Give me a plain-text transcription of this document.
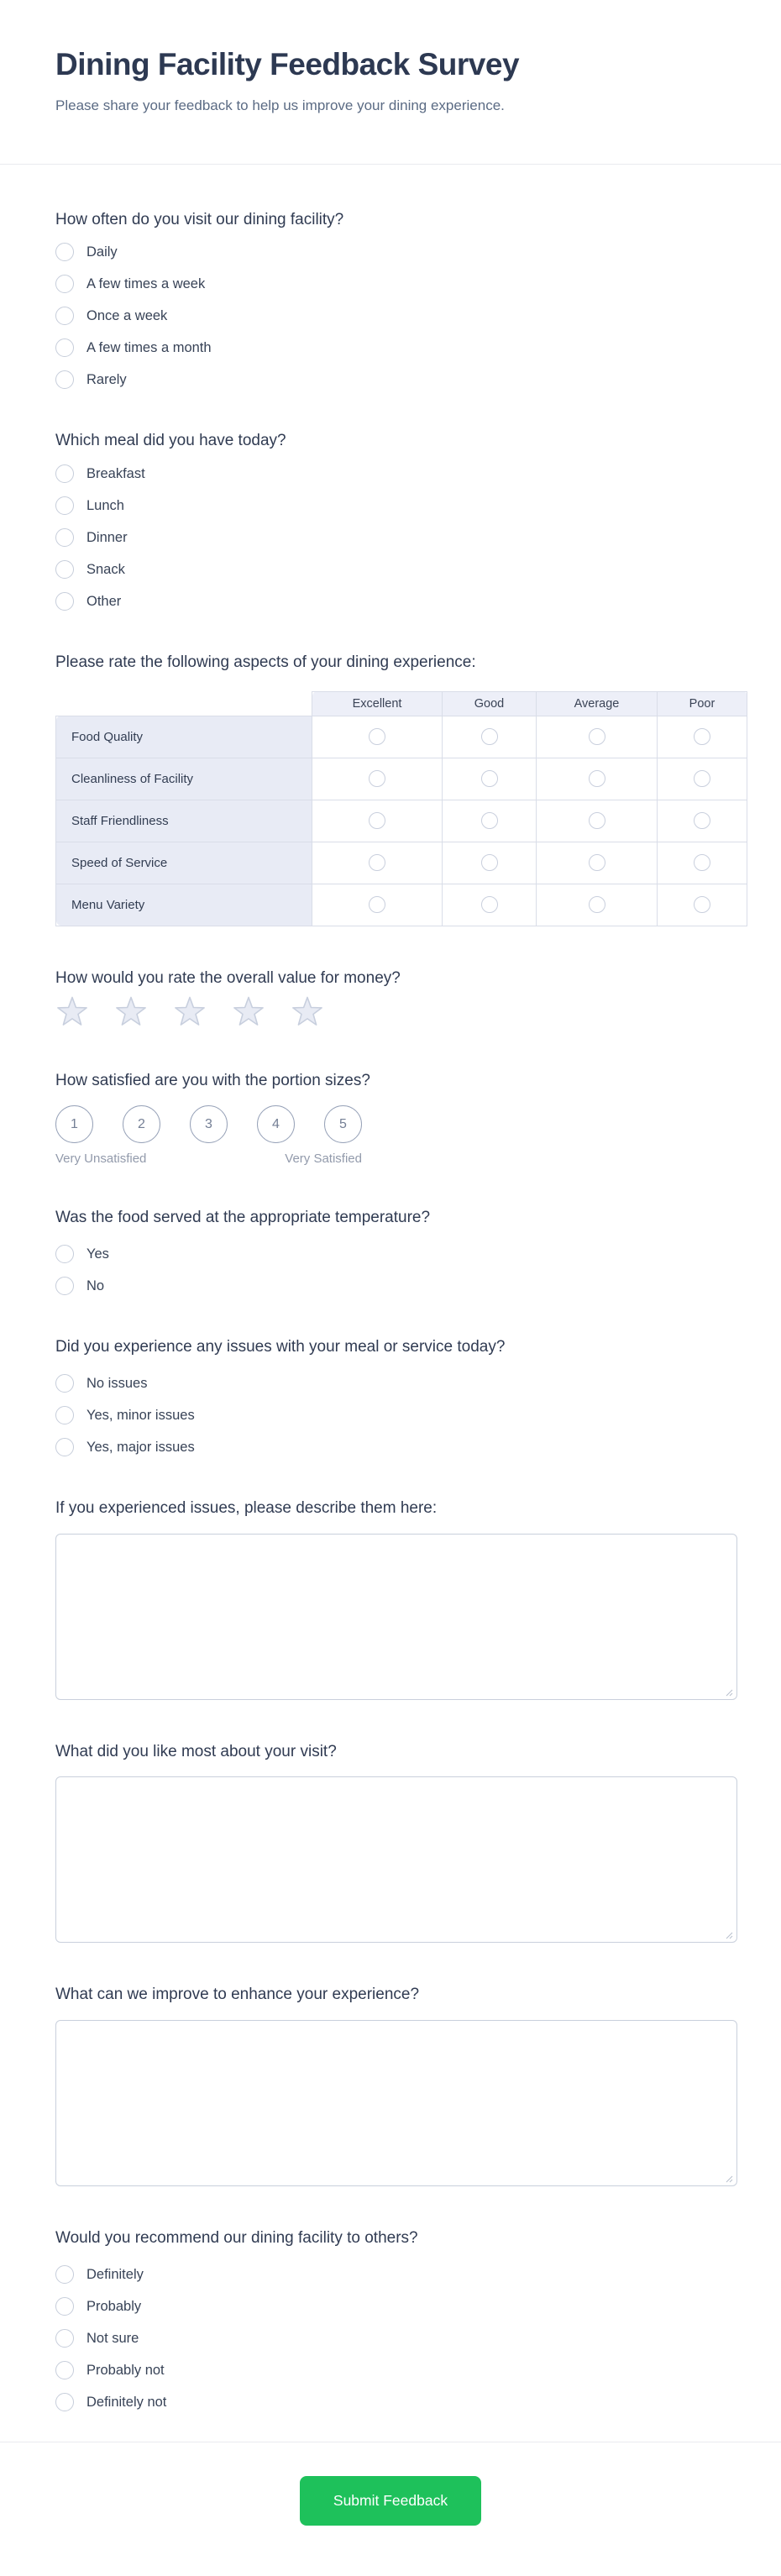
Dining Facility Feedback Survey
Please share your feedback to help us improve your dining experience.
How often do you visit our dining facility?
Daily
A few times a week
Once a week
A few times a month
Rarely
Which meal did you have today?
Breakfast
Lunch
Dinner
Snack
Other
Please rate the following aspects of your dining experience:
	Excellent	Good	Average	Poor
Food Quality				
Cleanliness of Facility				
Staff Friendliness				
Speed of Service				
Menu Variety				
How would you rate the overall value for money?
How satisfied are you with the portion sizes?
1	2	3	4	5
Very Unsatisfied	Very Satisfied
Was the food served at the appropriate temperature?
Yes
No
Did you experience any issues with your meal or service today?
No issues
Yes, minor issues
Yes, major issues
If you experienced issues, please describe them here:
What did you like most about your visit?
What can we improve to enhance your experience?
Would you recommend our dining facility to others?
Definitely
Probably
Not sure
Probably not
Definitely not
Submit Feedback
